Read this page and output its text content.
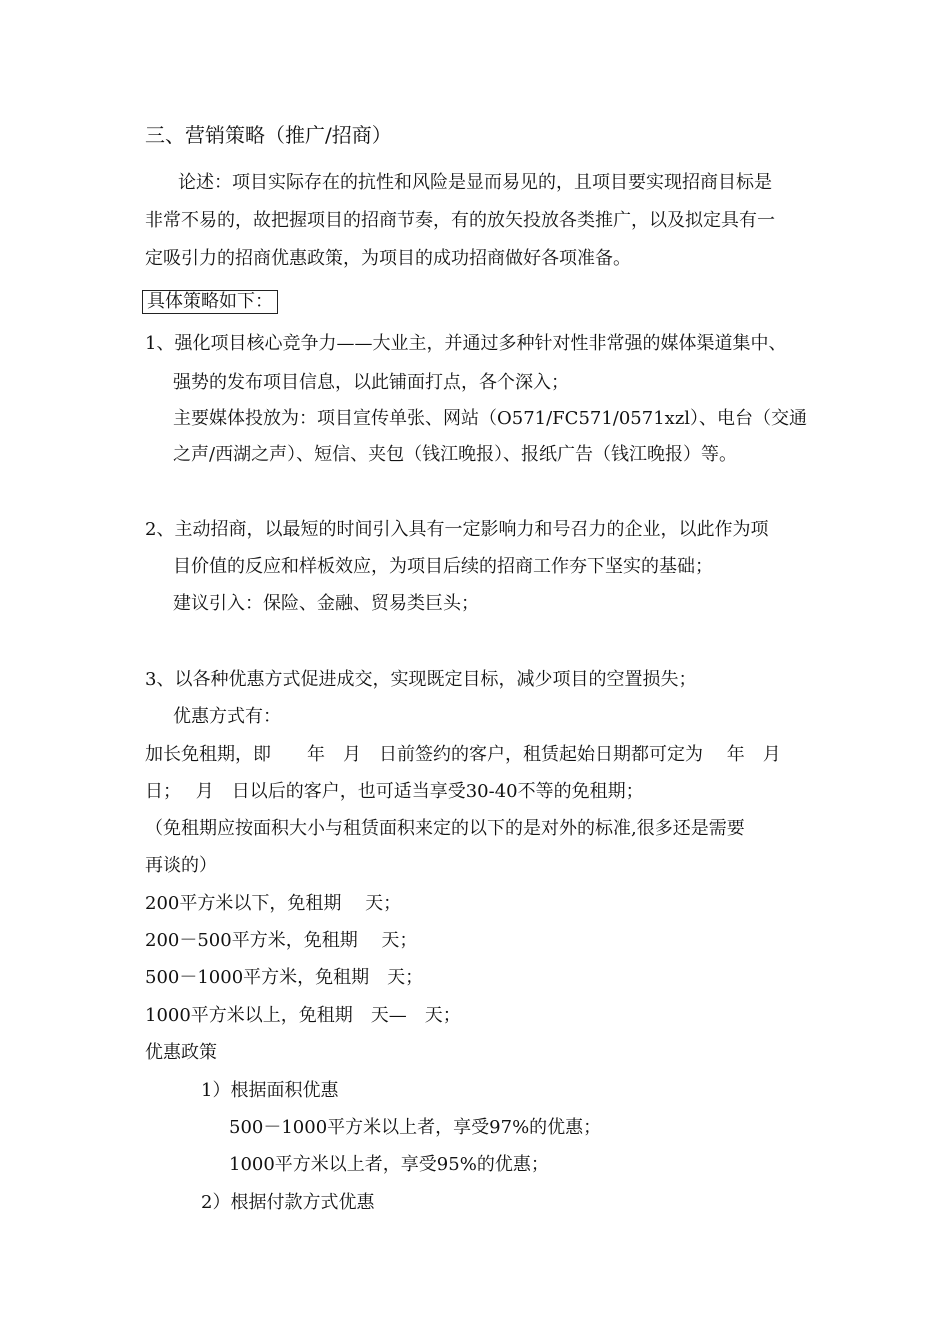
三、营销策略（推广/招商）
论述：项目实际存在的抗性和风险是显而易见的，且项目要实现招商目标是
非常不易的，故把握项目的招商节奏，有的放矢投放各类推广，以及拟定具有一
定吸引力的招商优惠政策，为项目的成功招商做好各项准备。
具体策略如下：
1、强化项目核心竞争力——大业主，并通过多种针对性非常强的媒体渠道集中、
强势的发布项目信息，以此铺面打点，各个深入；
主要媒体投放为：项目宣传单张、网站（O571/FC571/0571xzl）、电台（交通
之声/西湖之声）、短信、夹包（钱江晚报）、报纸广告（钱江晚报）等。
2、主动招商，以最短的时间引入具有一定影响力和号召力的企业，以此作为项
目价值的反应和样板效应，为项目后续的招商工作夯下坚实的基础；
建议引入：保险、金融、贸易类巨头；
3、以各种优惠方式促进成交，实现既定目标，减少项目的空置损失；
优惠方式有：
加长免租期，即　　年　月　日前签约的客户，租赁起始日期都可定为　 年　月
日；　 月　日以后的客户，也可适当享受30-40不等的免租期；
（免租期应按面积大小与租赁面积来定的以下的是对外的标准,很多还是需要
再谈的）
200平方米以下，免租期　 天；
200－500平方米，免租期　 天；
500－1000平方米，免租期　天；
1000平方米以上，免租期　天—　天；
优惠政策
1）根据面积优惠
500－1000平方米以上者，享受97%的优惠；
1000平方米以上者，享受95%的优惠；
2）根据付款方式优惠
